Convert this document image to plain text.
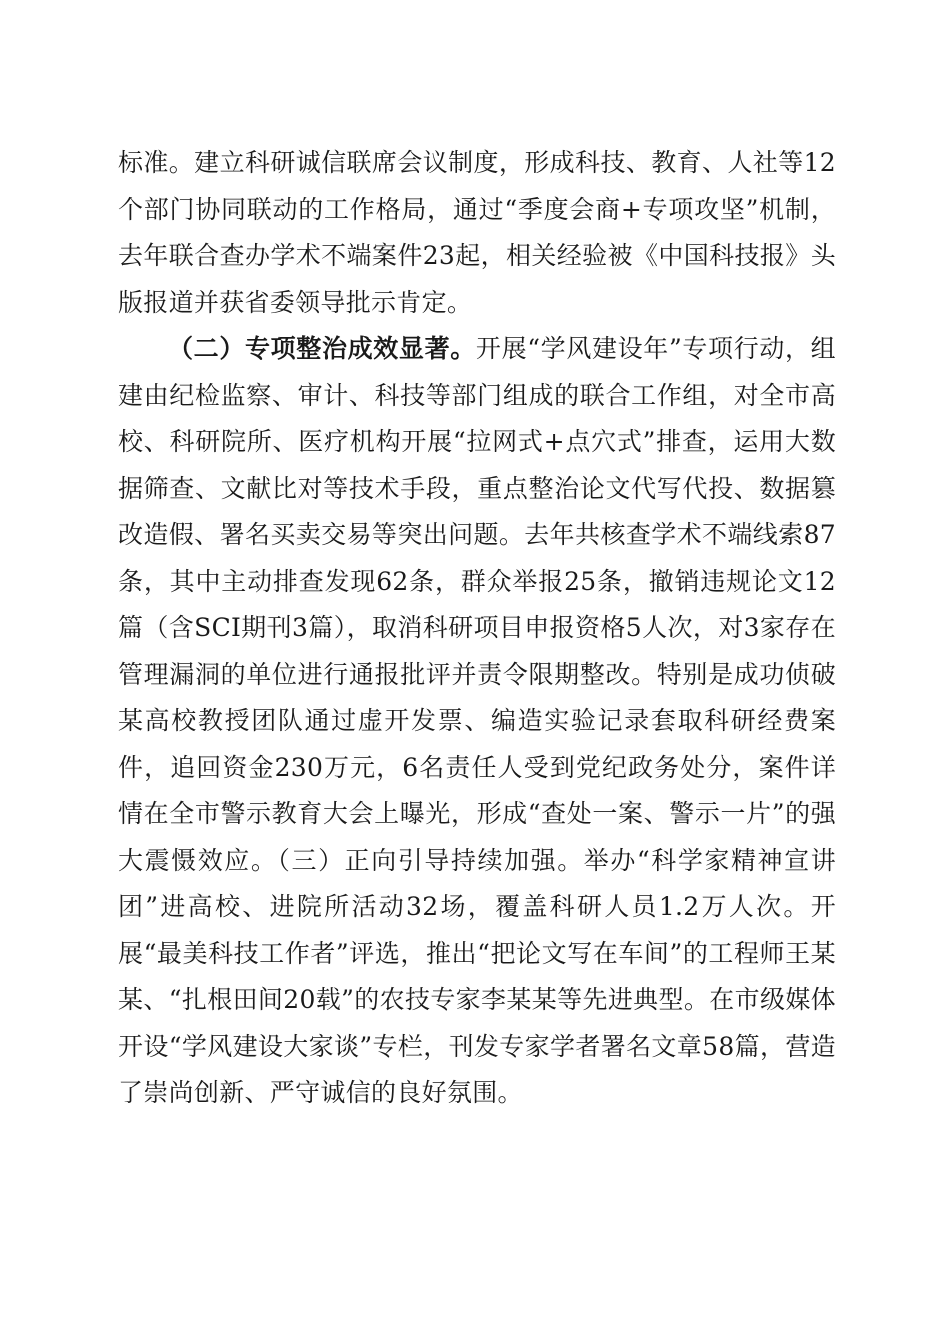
标准。建立科研诚信联席会议制度，形成科技、教育、人社等12个部门协同联动的工作格局，通过“季度会商+专项攻坚”机制，去年联合查办学术不端案件23起，相关经验被《中国科技报》头版报道并获省委领导批示肯定。

（二）专项整治成效显著。开展“学风建设年”专项行动，组建由纪检监察、审计、科技等部门组成的联合工作组，对全市高校、科研院所、医疗机构开展“拉网式+点穴式”排查，运用大数据筛查、文献比对等技术手段，重点整治论文代写代投、数据篡改造假、署名买卖交易等突出问题。去年共核查学术不端线索87条，其中主动排查发现62条，群众举报25条，撤销违规论文12篇（含SCI期刊3篇），取消科研项目申报资格5人次，对3家存在管理漏洞的单位进行通报批评并责令限期整改。特别是成功侦破某高校教授团队通过虚开发票、编造实验记录套取科研经费案件，追回资金230万元，6名责任人受到党纪政务处分，案件详情在全市警示教育大会上曝光，形成“查处一案、警示一片”的强大震慑效应。（三）正向引导持续加强。举办“科学家精神宣讲团”进高校、进院所活动32场，覆盖科研人员1.2万人次。开展“最美科技工作者”评选，推出“把论文写在车间”的工程师王某某、“扎根田间20载”的农技专家李某某等先进典型。在市级媒体开设“学风建设大家谈”专栏，刊发专家学者署名文章58篇，营造了崇尚创新、严守诚信的良好氛围。
